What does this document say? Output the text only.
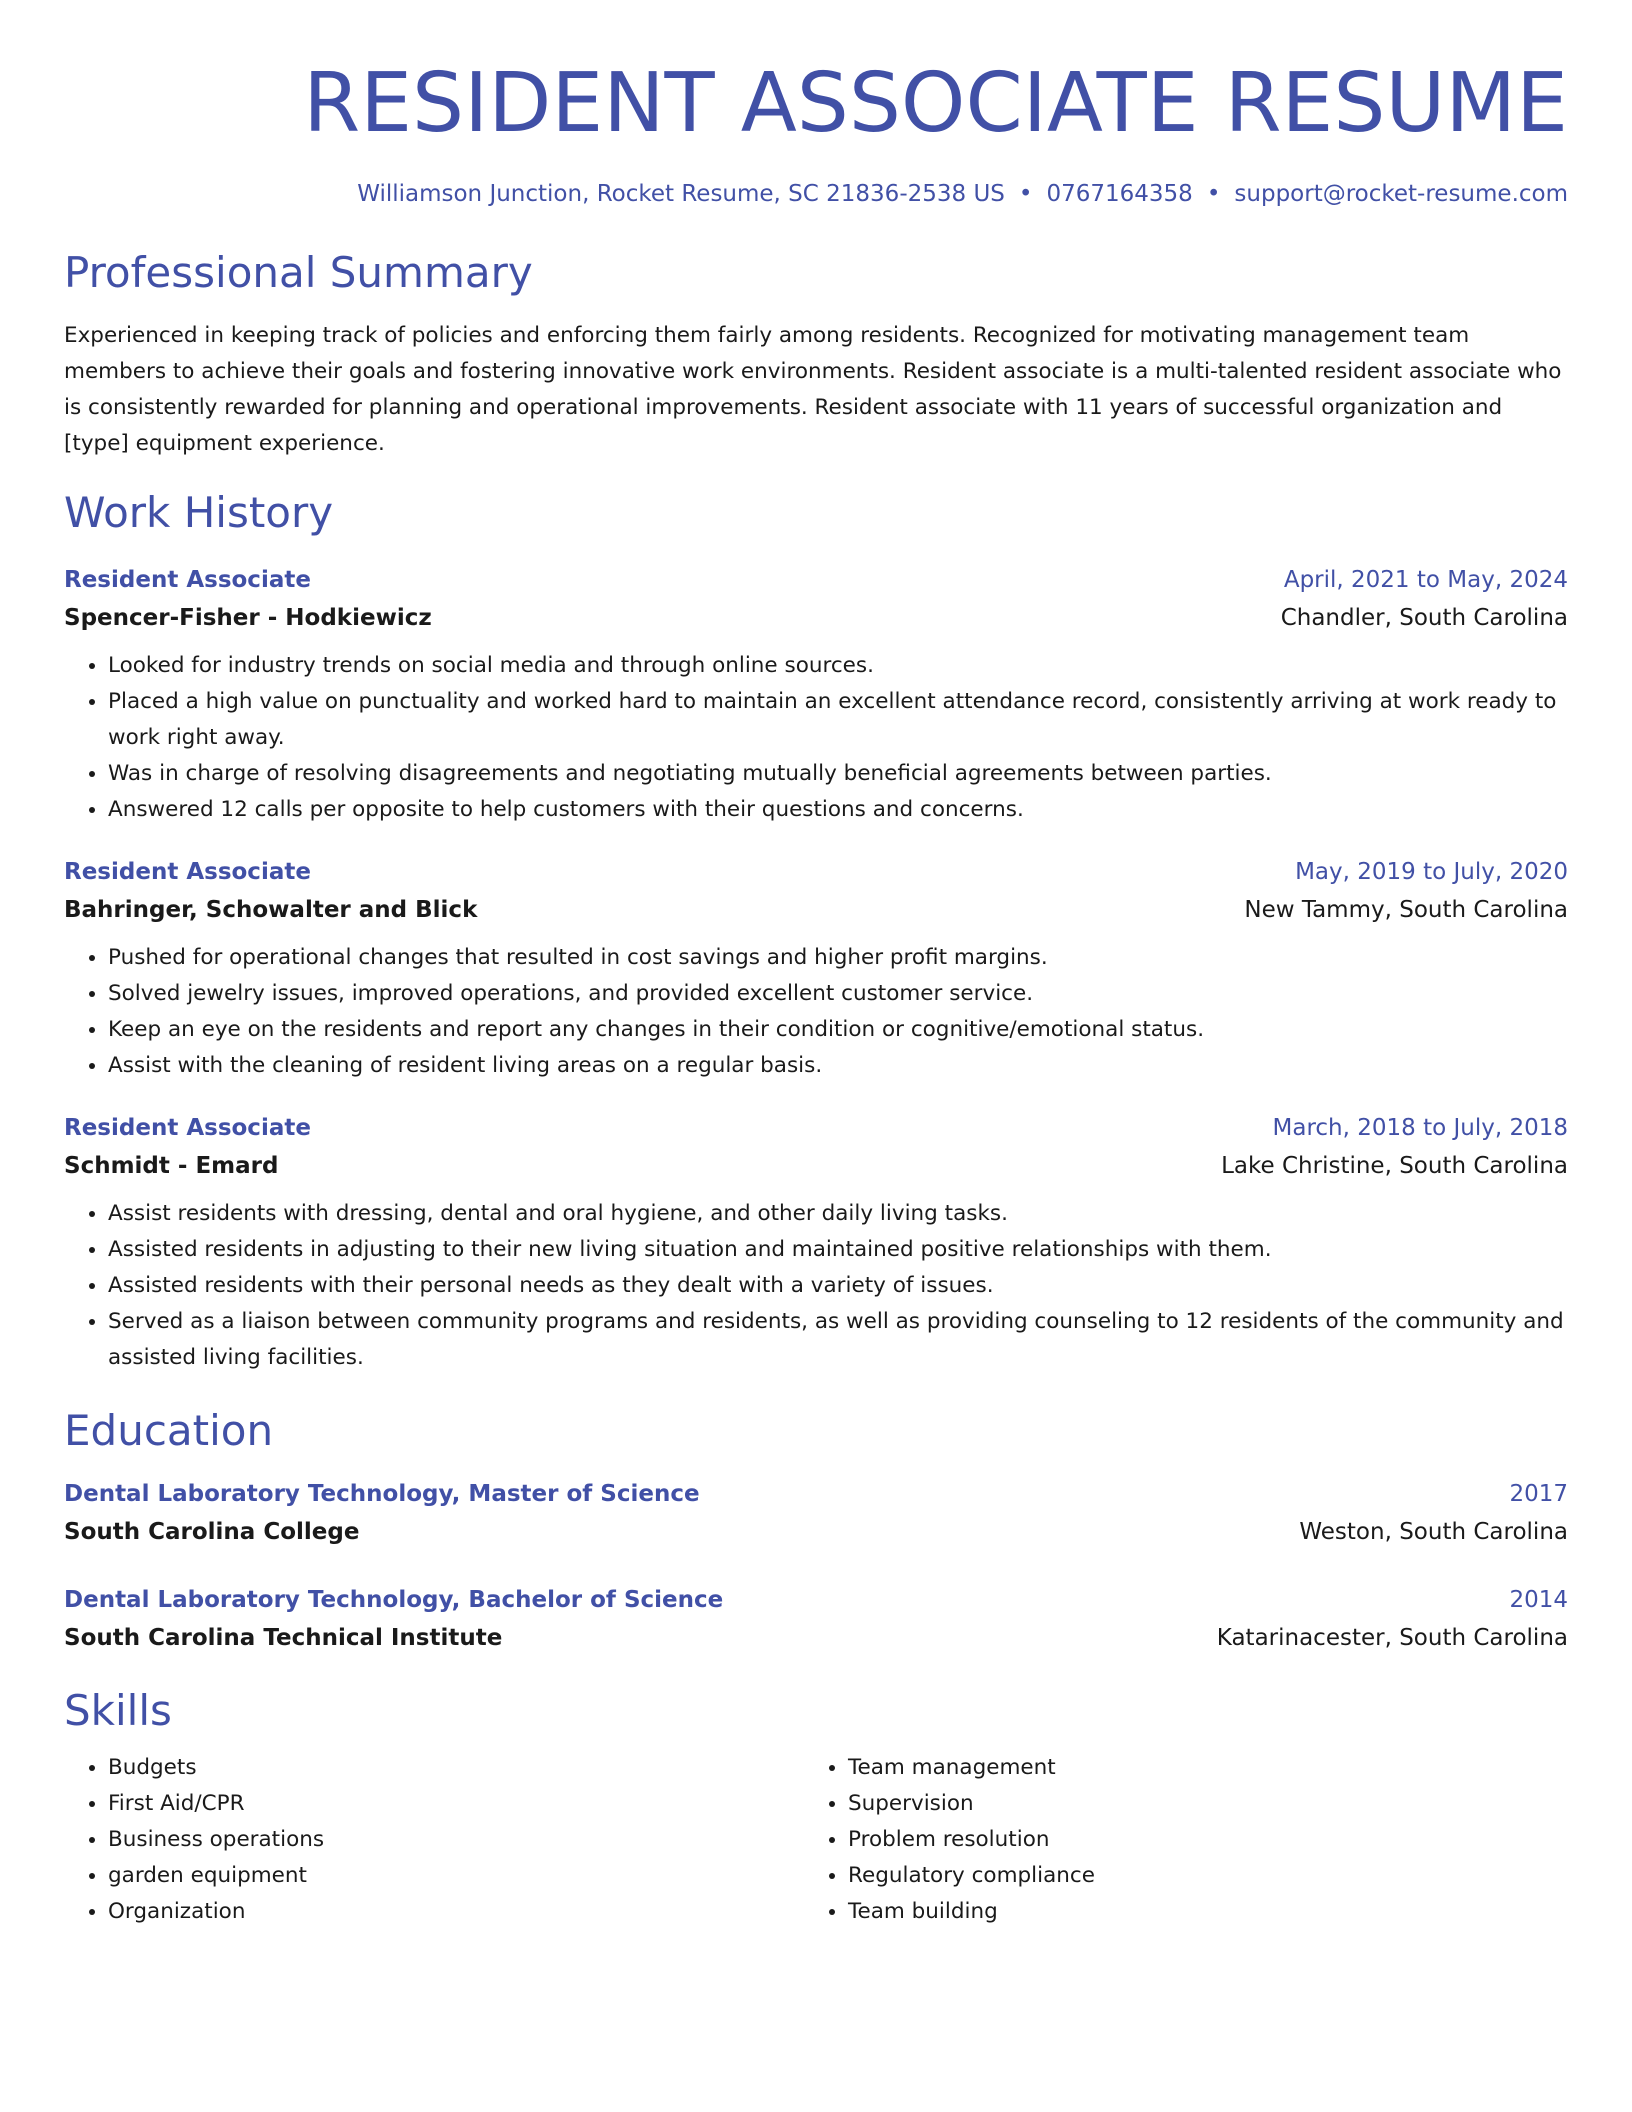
RESIDENT ASSOCIATE RESUME
Williamson Junction, Rocket Resume, SC 21836-2538 US • 0767164358 • support@rocket-resume.com
Professional Summary
Experienced in keeping track of policies and enforcing them fairly among residents. Recognized for motivating management team members to achieve their goals and fostering innovative work environments. Resident associate is a multi-talented resident associate who is consistently rewarded for planning and operational improvements. Resident associate with 11 years of successful organization and [type] equipment experience.
Work History
Resident Associate	April, 2021 to May, 2024
Spencer-Fisher - Hodkiewicz	Chandler, South Carolina
• Looked for industry trends on social media and through online sources.
• Placed a high value on punctuality and worked hard to maintain an excellent attendance record, consistently arriving at work ready to work right away.
• Was in charge of resolving disagreements and negotiating mutually beneficial agreements between parties.
• Answered 12 calls per opposite to help customers with their questions and concerns.
Resident Associate	May, 2019 to July, 2020
Bahringer, Schowalter and Blick	New Tammy, South Carolina
• Pushed for operational changes that resulted in cost savings and higher profit margins.
• Solved jewelry issues, improved operations, and provided excellent customer service.
• Keep an eye on the residents and report any changes in their condition or cognitive/emotional status.
• Assist with the cleaning of resident living areas on a regular basis.
Resident Associate	March, 2018 to July, 2018
Schmidt - Emard	Lake Christine, South Carolina
• Assist residents with dressing, dental and oral hygiene, and other daily living tasks.
• Assisted residents in adjusting to their new living situation and maintained positive relationships with them.
• Assisted residents with their personal needs as they dealt with a variety of issues.
• Served as a liaison between community programs and residents, as well as providing counseling to 12 residents of the community and assisted living facilities.
Education
Dental Laboratory Technology, Master of Science	2017
South Carolina College	Weston, South Carolina
Dental Laboratory Technology, Bachelor of Science	2014
South Carolina Technical Institute	Katarinacester, South Carolina
Skills
• Budgets
• First Aid/CPR
• Business operations
• garden equipment
• Organization
• Team management
• Supervision
• Problem resolution
• Regulatory compliance
• Team building
